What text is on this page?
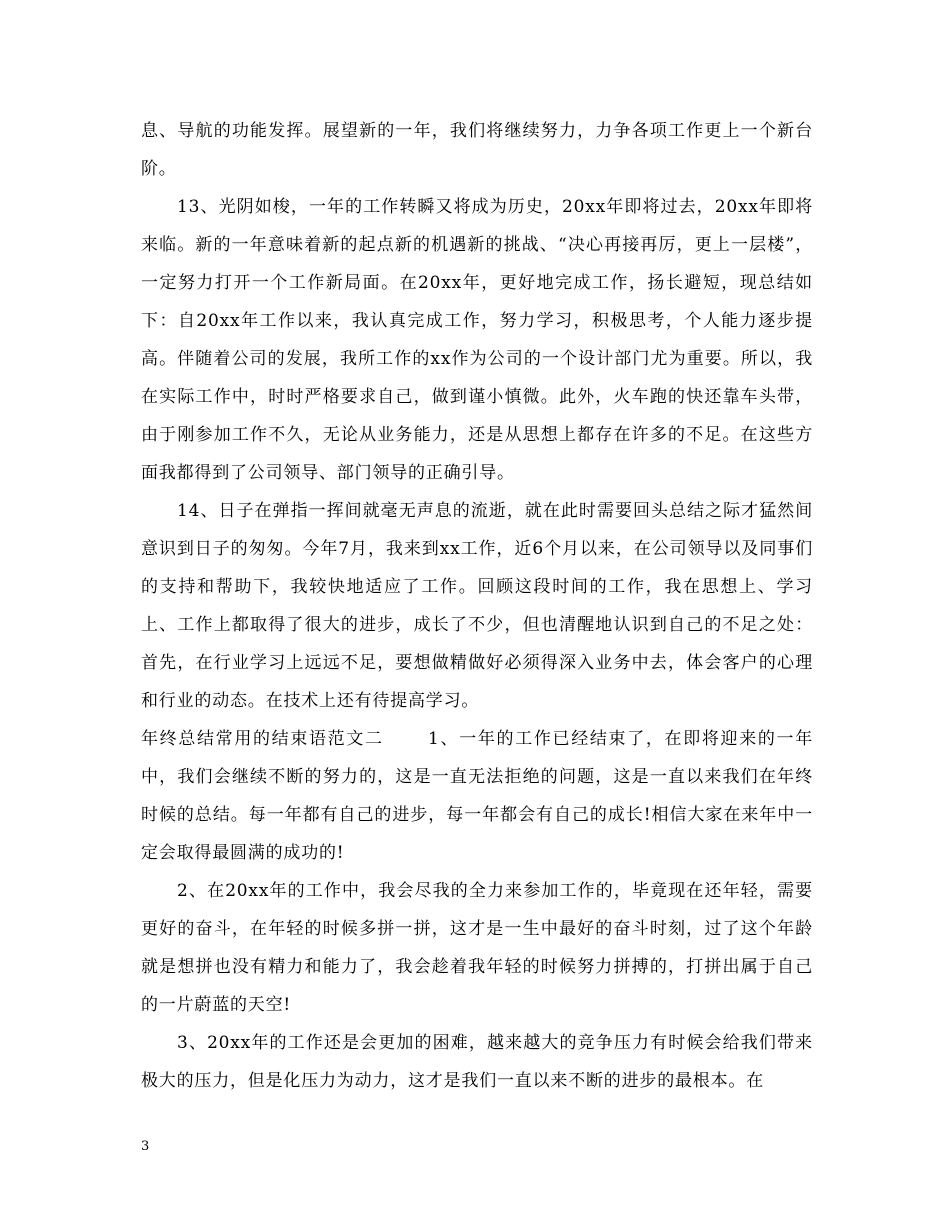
息、导航的功能发挥。展望新的一年，我们将继续努力，力争各项工作更上一个新台阶。

13、光阴如梭，一年的工作转瞬又将成为历史，20xx年即将过去，20xx年即将来临。新的一年意味着新的起点新的机遇新的挑战、“决心再接再厉，更上一层楼”，一定努力打开一个工作新局面。在20xx年，更好地完成工作，扬长避短，现总结如下：自20xx年工作以来，我认真完成工作，努力学习，积极思考，个人能力逐步提高。伴随着公司的发展，我所工作的xx作为公司的一个设计部门尤为重要。所以，我在实际工作中，时时严格要求自己，做到谨小慎微。此外，火车跑的快还靠车头带，由于刚参加工作不久，无论从业务能力，还是从思想上都存在许多的不足。在这些方面我都得到了公司领导、部门领导的正确引导。

14、日子在弹指一挥间就毫无声息的流逝，就在此时需要回头总结之际才猛然间意识到日子的匆匆。今年7月，我来到xx工作，近6个月以来，在公司领导以及同事们的支持和帮助下，我较快地适应了工作。回顾这段时间的工作，我在思想上、学习上、工作上都取得了很大的进步，成长了不少，但也清醒地认识到自己的不足之处：首先，在行业学习上远远不足，要想做精做好必须得深入业务中去，体会客户的心理和行业的动态。在技术上还有待提高学习。

年终总结常用的结束语范文二　　 1、一年的工作已经结束了，在即将迎来的一年中，我们会继续不断的努力的，这是一直无法拒绝的问题，这是一直以来我们在年终时候的总结。每一年都有自己的进步，每一年都会有自己的成长!相信大家在来年中一定会取得最圆满的成功的!

2、在20xx年的工作中，我会尽我的全力来参加工作的，毕竟现在还年轻，需要更好的奋斗，在年轻的时候多拼一拼，这才是一生中最好的奋斗时刻，过了这个年龄就是想拼也没有精力和能力了，我会趁着我年轻的时候努力拼搏的，打拼出属于自己的一片蔚蓝的天空!

3、20xx年的工作还是会更加的困难，越来越大的竞争压力有时候会给我们带来极大的压力，但是化压力为动力，这才是我们一直以来不断的进步的最根本。在

3
